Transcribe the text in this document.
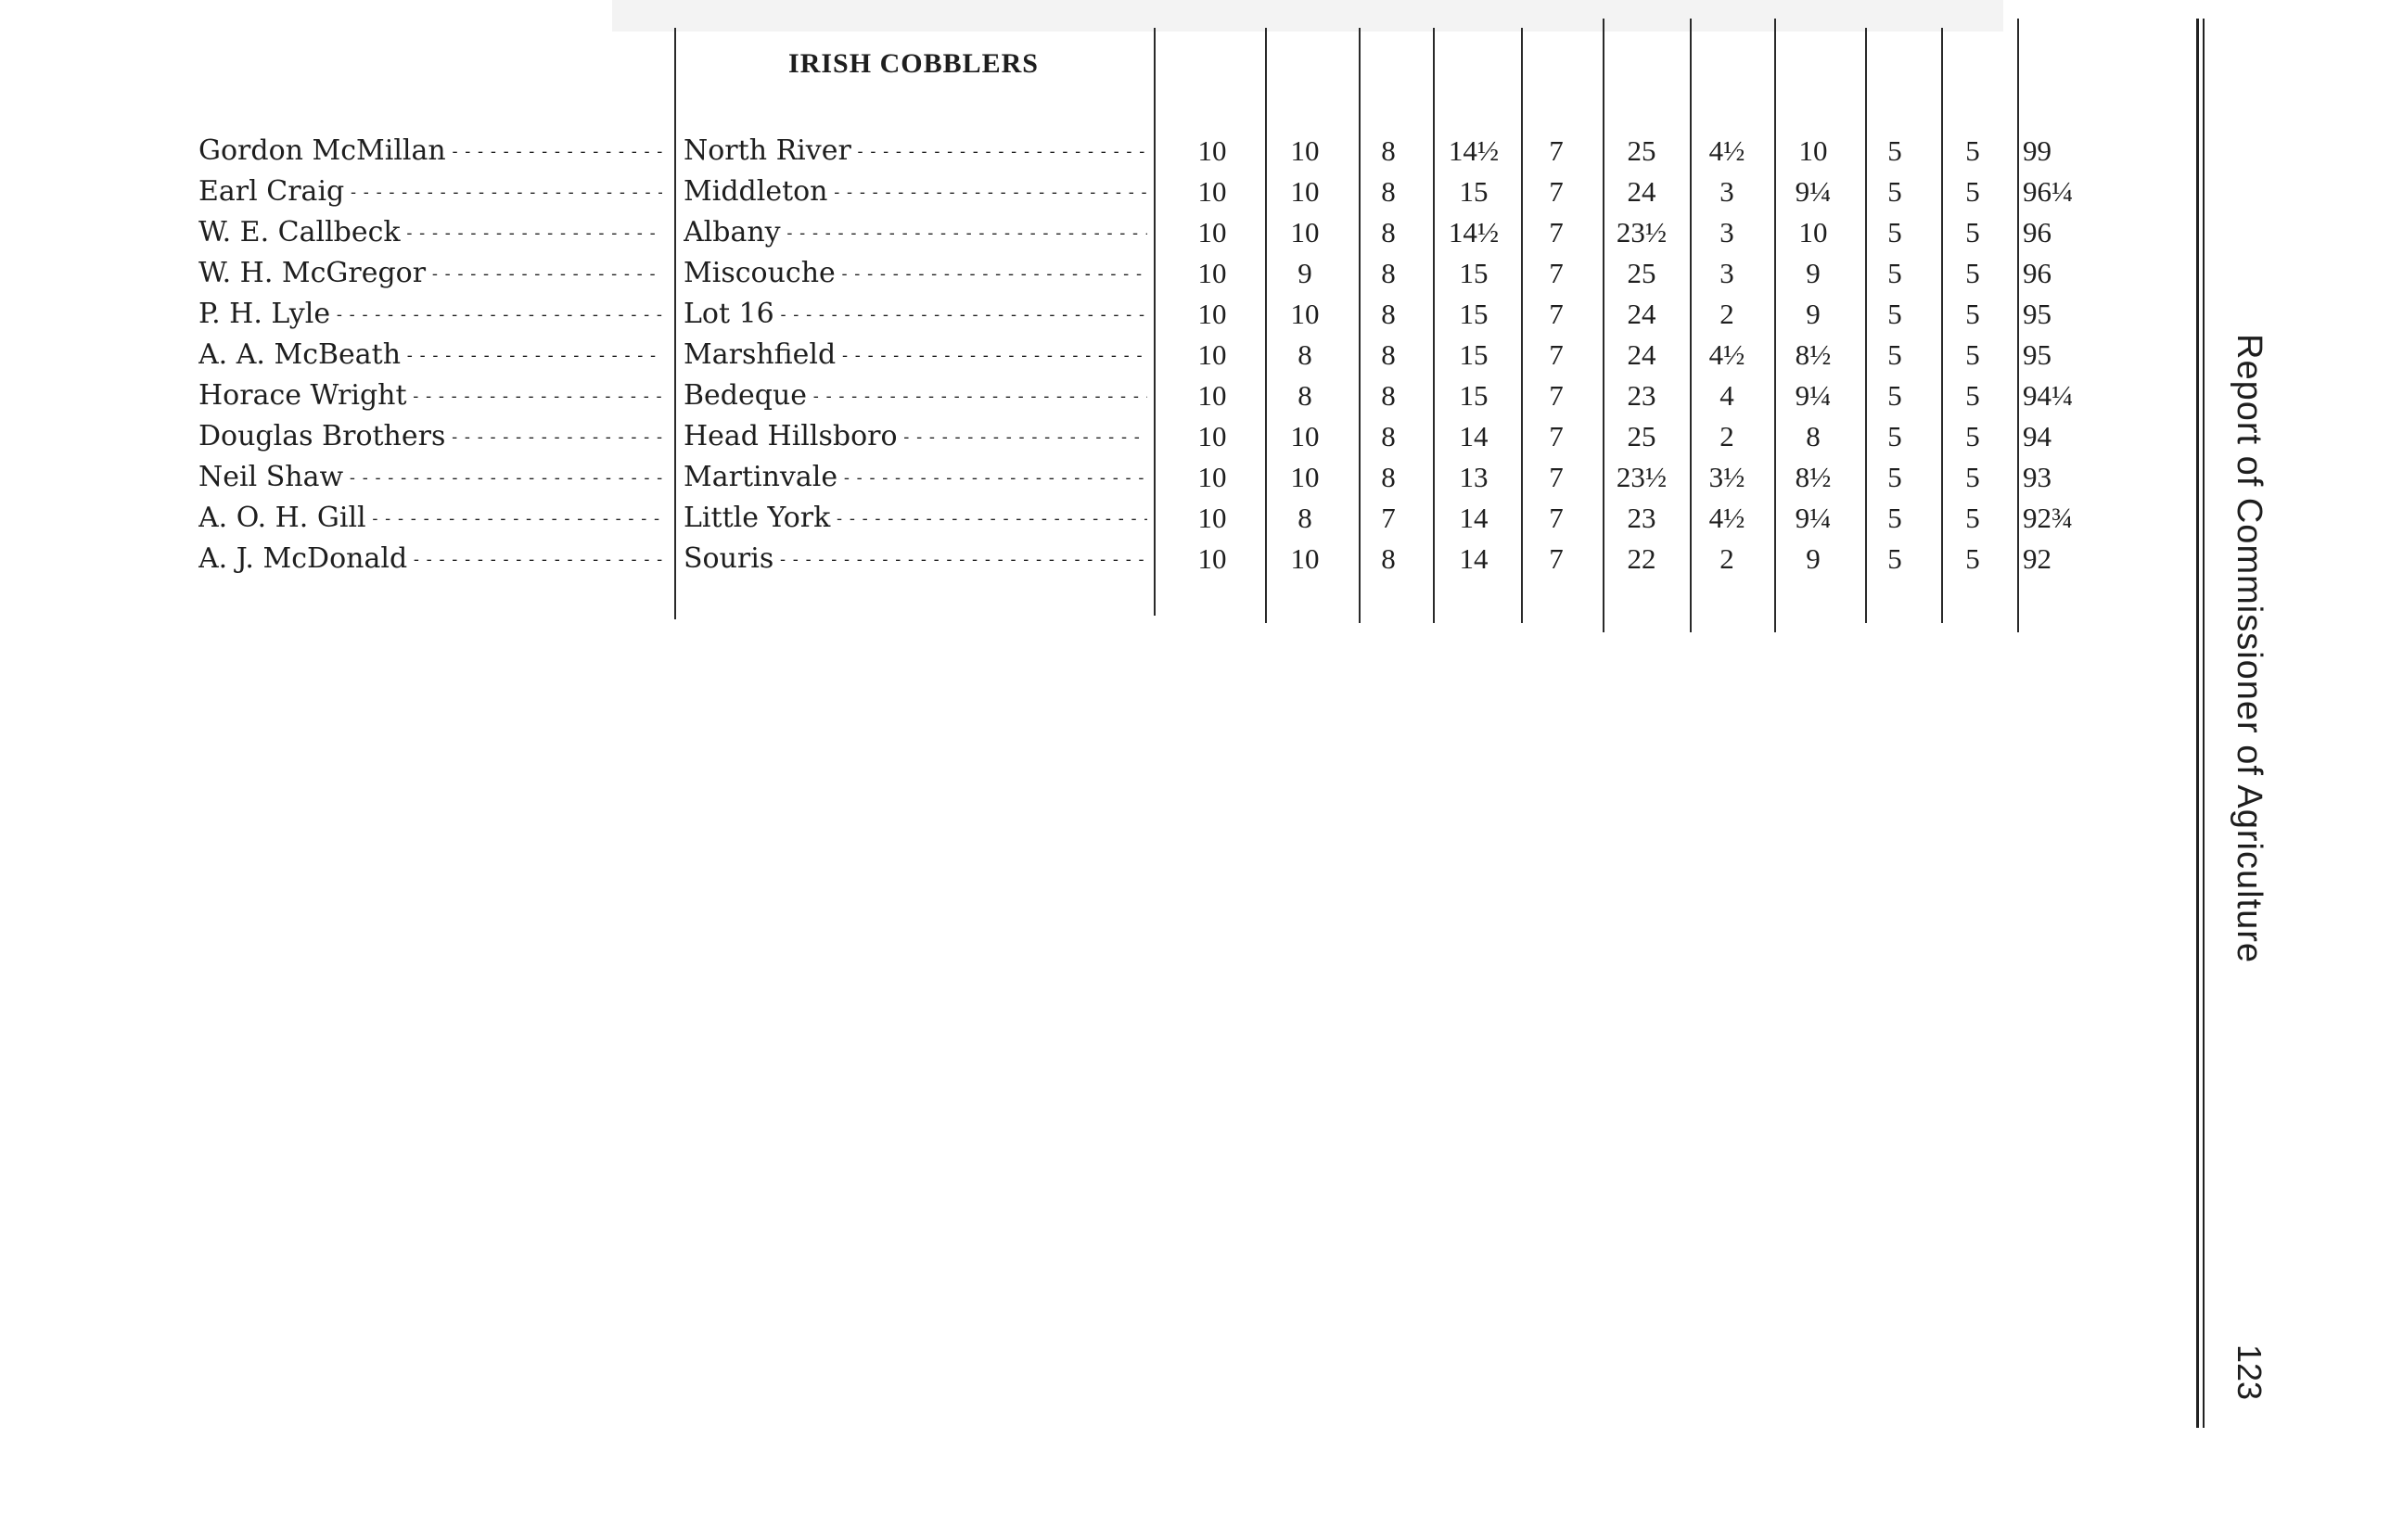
IRISH COBBLERS
Gordon McMillan - - -	North River - - -	10	10	8	14½	7	25	4½	10	5	5	99
Earl Craig - - -	Middleton - - -	10	10	8	15	7	24	3	9¼	5	5	96¼
W. E. Callbeck - - -	Albany - - -	10	10	8	14½	7	23½	3	10	5	5	96
W. H. McGregor - - -	Miscouche - - -	10	9	8	15	7	25	3	9	5	5	96
P. H. Lyle - - -	Lot 16 - - -	10	10	8	15	7	24	2	9	5	5	95
A. A. McBeath - - -	Marshfield - - -	10	8	8	15	7	24	4½	8½	5	5	95
Horace Wright - - -	Bedeque - - -	10	8	8	15	7	23	4	9¼	5	5	94¼
Douglas Brothers - - -	Head Hillsboro - - -	10	10	8	14	7	25	2	8	5	5	94
Neil Shaw - - -	Martinvale - - -	10	10	8	13	7	23½	3½	8½	5	5	93
A. O. H. Gill - - -	Little York - - -	10	8	7	14	7	23	4½	9¼	5	5	92¾
A. J. McDonald - - -	Souris - - -	10	10	8	14	7	22	2	9	5	5	92	Report of Commissioner of Agriculture
123
